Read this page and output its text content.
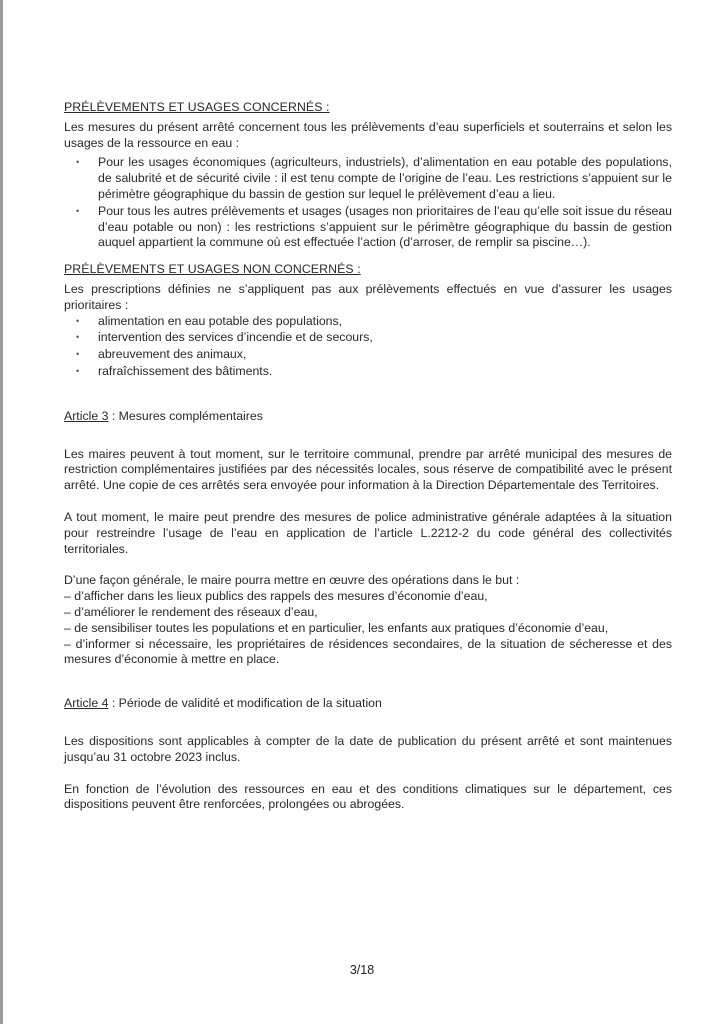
PRÉLÈVEMENTS ET USAGES CONCERNÉS :

Les mesures du présent arrêté concernent tous les prélèvements d’eau superficiels et souterrains et selon les usages de la ressource en eau :

• Pour les usages économiques (agriculteurs, industriels), d’alimentation en eau potable des populations, de salubrité et de sécurité civile : il est tenu compte de l’origine de l’eau. Les restrictions s’appuient sur le périmètre géographique du bassin de gestion sur lequel le prélèvement d’eau a lieu.
• Pour tous les autres prélèvements et usages (usages non prioritaires de l’eau qu’elle soit issue du réseau d’eau potable ou non) : les restrictions s’appuient sur le périmètre géographique du bassin de gestion auquel appartient la commune où est effectuée l’action (d’arroser, de remplir sa piscine…).

PRÉLÈVEMENTS ET USAGES NON CONCERNÉS :

Les prescriptions définies ne s’appliquent pas aux prélèvements effectués en vue d’assurer les usages prioritaires :

• alimentation en eau potable des populations,
• intervention des services d’incendie et de secours,
• abreuvement des animaux,
• rafraîchissement des bâtiments.

Article 3 : Mesures complémentaires

Les maires peuvent à tout moment, sur le territoire communal, prendre par arrêté municipal des mesures de restriction complémentaires justifiées par des nécessités locales, sous réserve de compatibilité avec le présent arrêté. Une copie de ces arrêtés sera envoyée pour information à la Direction Départementale des Territoires.

A tout moment, le maire peut prendre des mesures de police administrative générale adaptées à la situation pour restreindre l’usage de l’eau en application de l’article L.2212-2 du code général des collectivités territoriales.

D’une façon générale, le maire pourra mettre en œuvre des opérations dans le but :

– d’afficher dans les lieux publics des rappels des mesures d’économie d’eau,

– d’améliorer le rendement des réseaux d’eau,

– de sensibiliser toutes les populations et en particulier, les enfants aux pratiques d’économie d’eau,

– d’informer si nécessaire, les propriétaires de résidences secondaires, de la situation de sécheresse et des mesures d’économie à mettre en place.

Article 4 : Période de validité et modification de la situation

Les dispositions sont applicables à compter de la date de publication du présent arrêté et sont maintenues jusqu’au 31 octobre 2023 inclus.

En fonction de l’évolution des ressources en eau et des conditions climatiques sur le département, ces dispositions peuvent être renforcées, prolongées ou abrogées.

3/18
